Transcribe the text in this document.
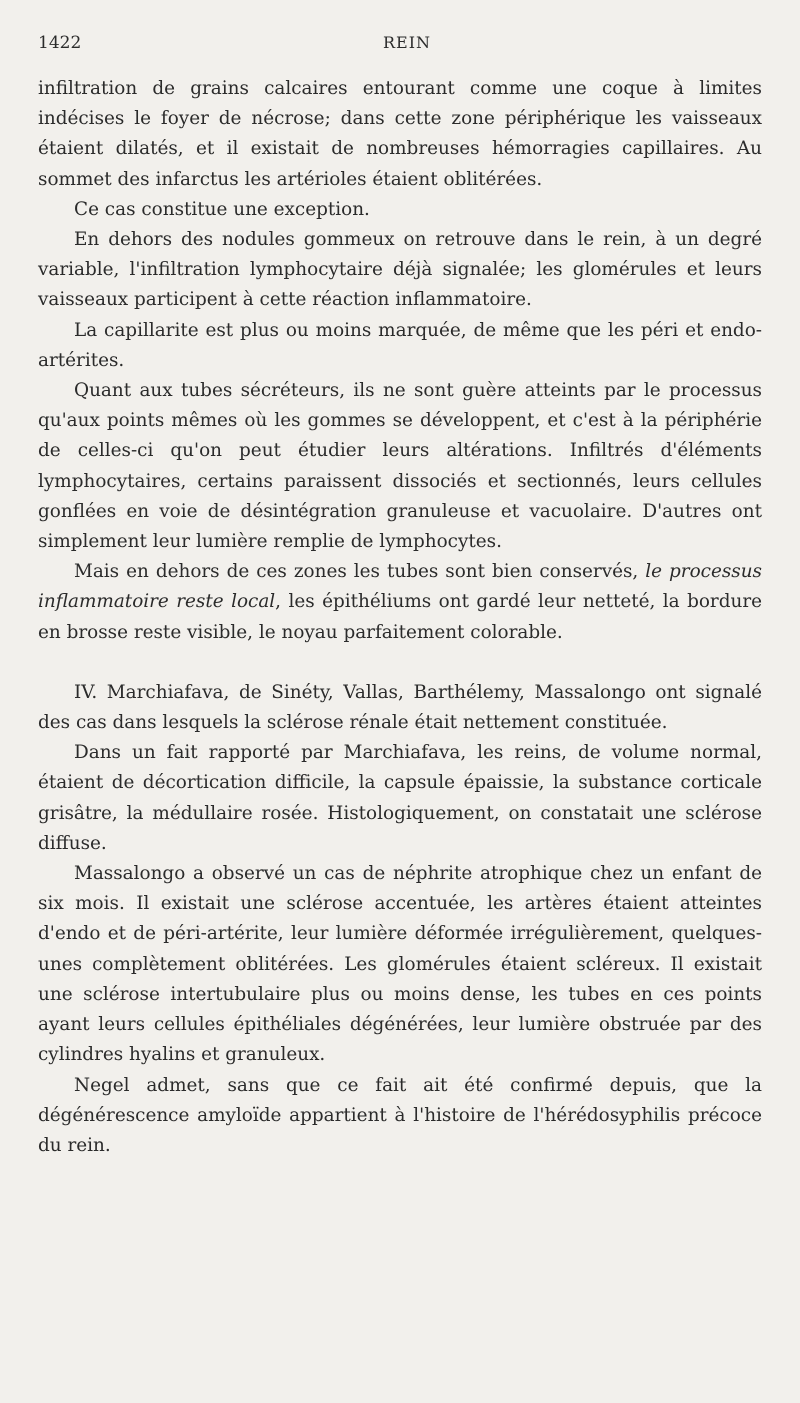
1422	REIN

infiltration de grains calcaires entourant comme une coque à limites indécises le foyer de nécrose; dans cette zone périphérique les vaisseaux étaient dilatés, et il existait de nombreuses hémorragies capillaires. Au sommet des infarctus les artérioles étaient oblitérées.

Ce cas constitue une exception.

En dehors des nodules gommeux on retrouve dans le rein, à un degré variable, l'infiltration lymphocytaire déjà signalée; les glomérules et leurs vaisseaux participent à cette réaction inflammatoire.

La capillarite est plus ou moins marquée, de même que les péri et endo-artérites.

Quant aux tubes sécréteurs, ils ne sont guère atteints par le processus qu'aux points mêmes où les gommes se développent, et c'est à la périphérie de celles-ci qu'on peut étudier leurs altérations. Infiltrés d'éléments lymphocytaires, certains paraissent dissociés et sectionnés, leurs cellules gonflées en voie de désintégration granuleuse et vacuolaire. D'autres ont simplement leur lumière remplie de lymphocytes.

Mais en dehors de ces zones les tubes sont bien conservés, le processus inflammatoire reste local, les épithéliums ont gardé leur netteté, la bordure en brosse reste visible, le noyau parfaitement colorable.

IV. Marchiafava, de Sinéty, Vallas, Barthélemy, Massalongo ont signalé des cas dans lesquels la sclérose rénale était nettement constituée.

Dans un fait rapporté par Marchiafava, les reins, de volume normal, étaient de décortication difficile, la capsule épaissie, la substance corticale grisâtre, la médullaire rosée. Histologiquement, on constatait une sclérose diffuse.

Massalongo a observé un cas de néphrite atrophique chez un enfant de six mois. Il existait une sclérose accentuée, les artères étaient atteintes d'endo et de péri-artérite, leur lumière déformée irrégulièrement, quelques-unes complètement oblitérées. Les glomérules étaient scléreux. Il existait une sclérose intertubulaire plus ou moins dense, les tubes en ces points ayant leurs cellules épithéliales dégénérées, leur lumière obstruée par des cylindres hyalins et granuleux.

Negel admet, sans que ce fait ait été confirmé depuis, que la dégénérescence amyloïde appartient à l'histoire de l'hérédosyphilis précoce du rein.
